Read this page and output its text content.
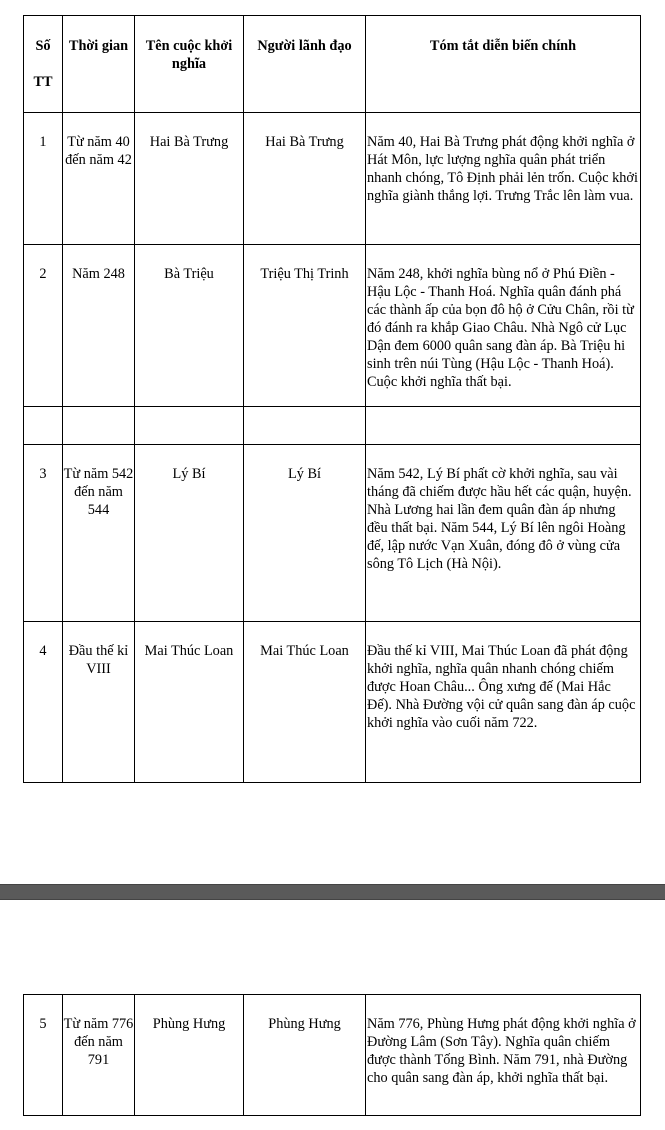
Số
TT	Thời gian	Tên cuộc khởi nghĩa	Người lãnh đạo	Tóm tắt diễn biến chính
1	Từ năm 40 đến năm 42	Hai Bà Trưng	Hai Bà Trưng	Năm 40, Hai Bà Trưng phát động khởi nghĩa ở Hát Môn, lực lượng nghĩa quân phát triển nhanh chóng, Tô Định phải lẻn trốn. Cuộc khởi nghĩa giành thắng lợi. Trưng Trắc lên làm vua.
2	Năm 248	Bà Triệu	Triệu Thị Trinh	Năm 248, khởi nghĩa bùng nổ ở Phú Điền - Hậu Lộc - Thanh Hoá. Nghĩa quân đánh phá các thành ấp của bọn đô hộ ở Cửu Chân, rồi từ đó đánh ra khắp Giao Châu. Nhà Ngô cử Lục Dận đem 6000 quân sang đàn áp. Bà Triệu hi sinh trên núi Tùng (Hậu Lộc - Thanh Hoá). Cuộc khởi nghĩa thất bại.

3	Từ năm 542 đến năm 544	Lý Bí	Lý Bí	Năm 542, Lý Bí phất cờ khởi nghĩa, sau vài tháng đã chiếm được hầu hết các quận, huyện. Nhà Lương hai lần đem quân đàn áp nhưng đều thất bại. Năm 544, Lý Bí lên ngôi Hoàng đế, lập nước Vạn Xuân, đóng đô ở vùng cửa sông Tô Lịch (Hà Nội).
4	Đầu thế kỉ VIII	Mai Thúc Loan	Mai Thúc Loan	Đầu thế kỉ VIII, Mai Thúc Loan đã phát động khởi nghĩa, nghĩa quân nhanh chóng chiếm được Hoan Châu... Ông xưng đế (Mai Hắc Đế). Nhà Đường vội cử quân sang đàn áp cuộc khởi nghĩa vào cuối năm 722.
5	Từ năm 776 đến năm 791	Phùng Hưng	Phùng Hưng	Năm 776, Phùng Hưng phát động khởi nghĩa ở Đường Lâm (Sơn Tây). Nghĩa quân chiếm được thành Tống Bình. Năm 791, nhà Đường cho quân sang đàn áp, khởi nghĩa thất bại.
